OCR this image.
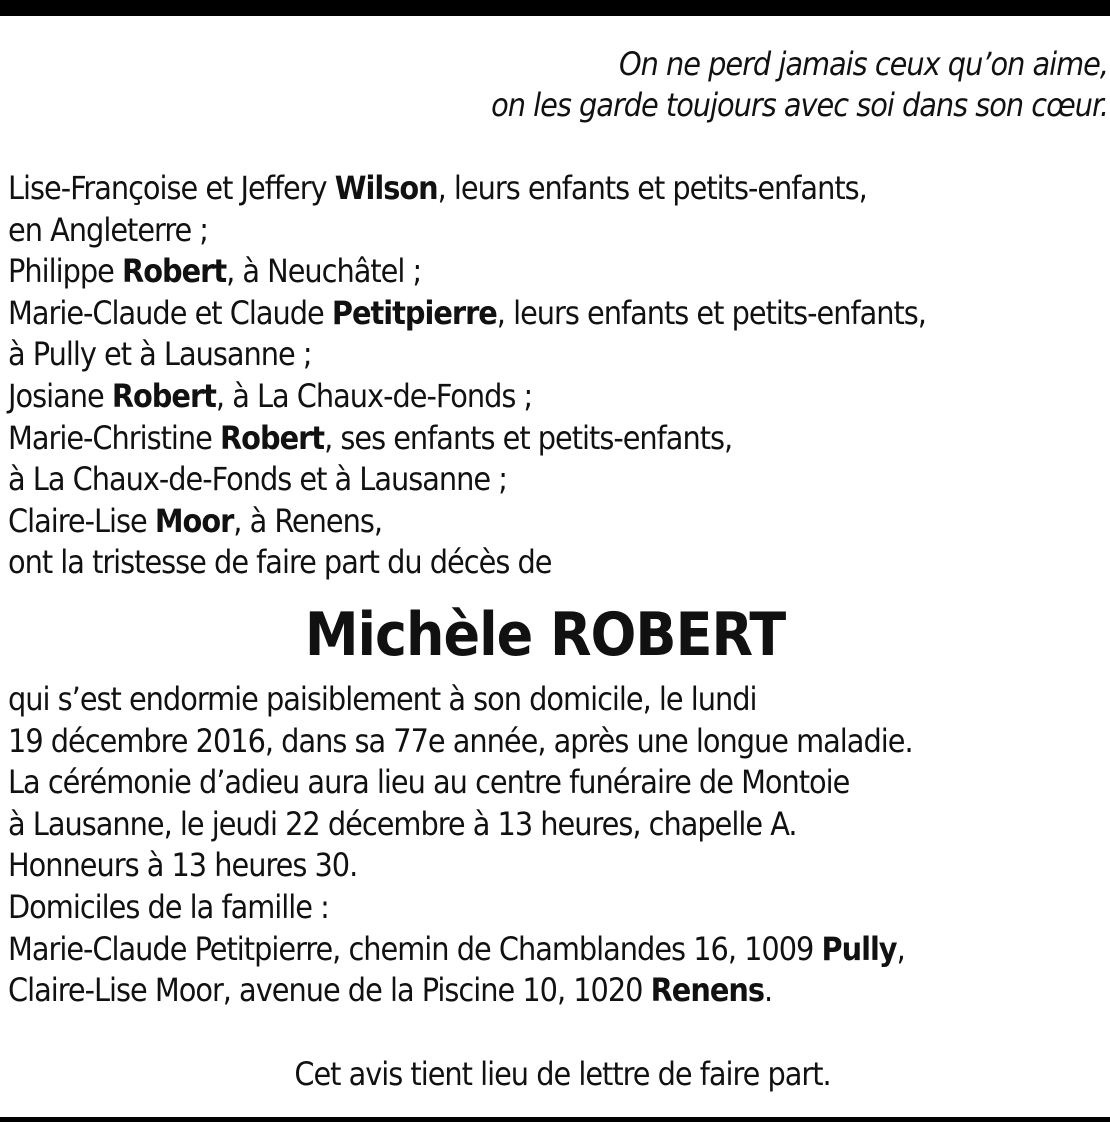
On ne perd jamais ceux qu’on aime,
on les garde toujours avec soi dans son cœur.
Lise-Françoise et Jeffery Wilson, leurs enfants et petits-enfants,
en Angleterre ;
Philippe Robert, à Neuchâtel ;
Marie-Claude et Claude Petitpierre, leurs enfants et petits-enfants,
à Pully et à Lausanne ;
Josiane Robert, à La Chaux-de-Fonds ;
Marie-Christine Robert, ses enfants et petits-enfants,
à La Chaux-de-Fonds et à Lausanne ;
Claire-Lise Moor, à Renens,
ont la tristesse de faire part du décès de
Michèle ROBERT
qui s’est endormie paisiblement à son domicile, le lundi
19 décembre 2016, dans sa 77e année, après une longue maladie.
La cérémonie d’adieu aura lieu au centre funéraire de Montoie
à Lausanne, le jeudi 22 décembre à 13 heures, chapelle A.
Honneurs à 13 heures 30.
Domiciles de la famille :
Marie-Claude Petitpierre, chemin de Chamblandes 16, 1009 Pully,
Claire-Lise Moor, avenue de la Piscine 10, 1020 Renens.
Cet avis tient lieu de lettre de faire part.
